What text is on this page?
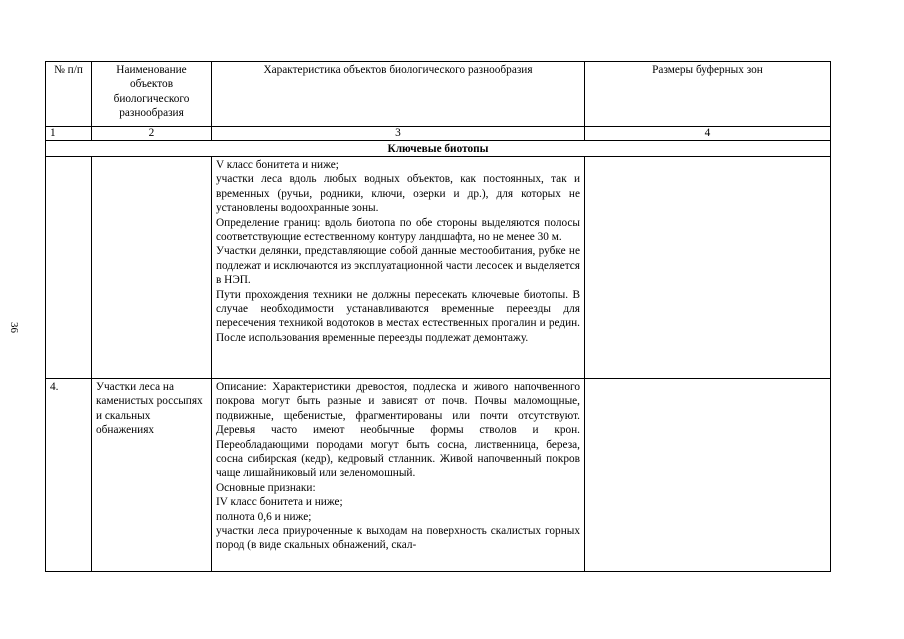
36
№ п/п	Наименование объектов биологического разнообразия	Характеристика объектов биологического разнообразия	Размеры буферных зон
1	2	3	4
Ключевые биотопы			

		V класс бонитета и ниже;

участки леса вдоль любых водных объектов, как постоянных, так и временных (ручьи, родники, ключи, озерки и др.), для которых не установлены водоохранные зоны.

Определение границ: вдоль биотопа по обе стороны выделяются полосы соответствующие естественному контуру ландшафта, но не менее 30 м.

Участки делянки, представляющие собой данные местообитания, рубке не подлежат и исключаются из эксплуатационной части лесосек и выделяется в НЭП.

Пути прохождения техники не должны пересекать ключевые биотопы. В случае необходимости устанавливаются временные переезды для пересечения техникой водотоков в местах естественных прогалин и редин. После использования временные переезды подлежат демонтажу.	

4.	Участки леса на каменистых россыпях и скальных обнажениях	Описание: Характеристики древостоя, подлеска и живого напочвенного покрова могут быть разные и зависят от почв. Почвы маломощные, подвижные, щебенистые, фрагментированы или почти отсутствуют. Деревья часто имеют необычные формы стволов и крон. Переобладающими породами могут быть сосна, лиственница, береза, сосна сибирская (кедр), кедровый стланник. Живой напочвенный покров чаще лишайниковый или зеленомошный.

Основные признаки:

IV класс бонитета и ниже;

полнота 0,6 и ниже;

участки леса приуроченные к выходам на поверхность скалистых горных пород (в виде скальных обнажений, скал-	
